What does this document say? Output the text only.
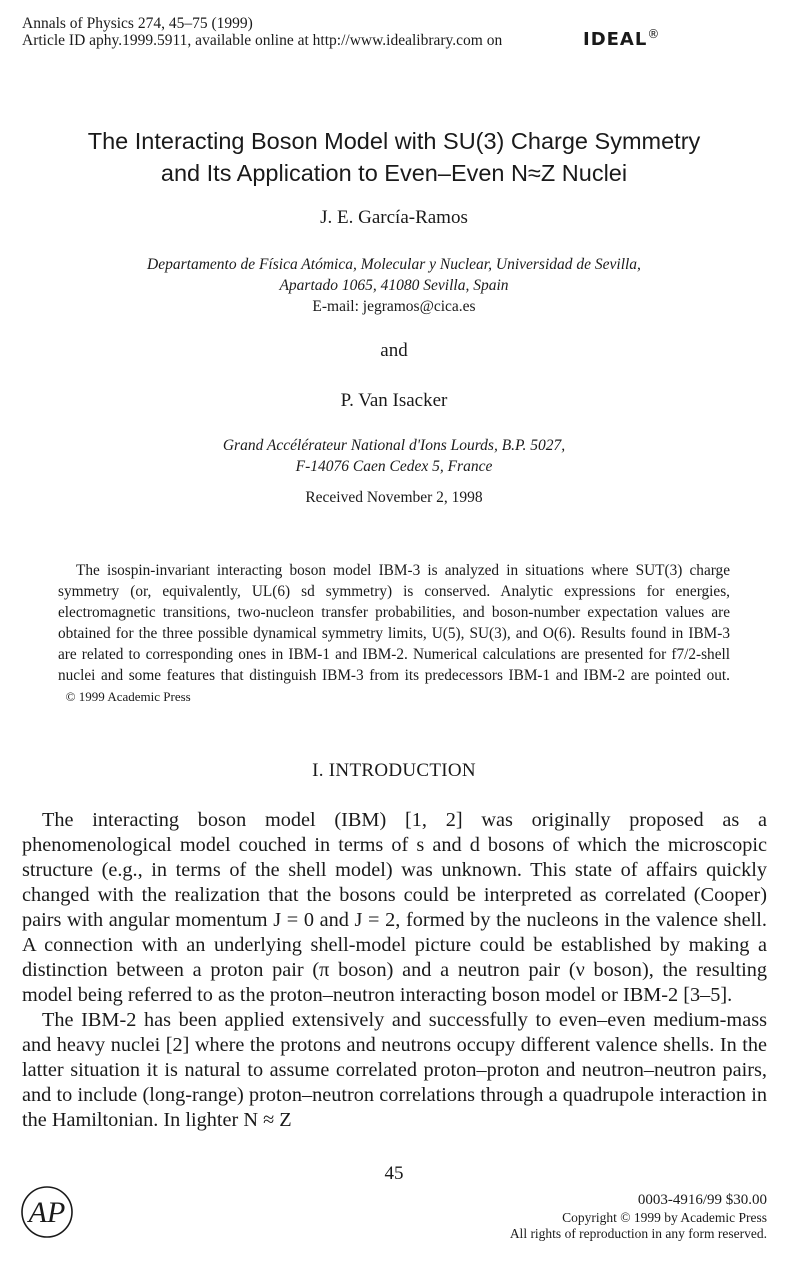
Annals of Physics 274, 45–75 (1999)
Article ID aphy.1999.5911, available online at http://www.idealibrary.com on	IDEAL®
The Interacting Boson Model with SU(3) Charge Symmetry
and Its Application to Even–Even N≈Z Nuclei
J. E. García-Ramos
Departamento de Física Atómica, Molecular y Nuclear, Universidad de Sevilla,
Apartado 1065, 41080 Sevilla, Spain
E-mail: jegramos@cica.es
and
P. Van Isacker
Grand Accélérateur National d'Ions Lourds, B.P. 5027,
F-14076 Caen Cedex 5, France
Received November 2, 1998
The isospin-invariant interacting boson model IBM-3 is analyzed in situations where SUT(3) charge symmetry (or, equivalently, UL(6) sd symmetry) is conserved. Analytic expressions for energies, electromagnetic transitions, two-nucleon transfer probabilities, and boson-number expectation values are obtained for the three possible dynamical symmetry limits, U(5), SU(3), and O(6). Results found in IBM-3 are related to corresponding ones in IBM-1 and IBM-2. Numerical calculations are presented for f7/2-shell nuclei and some features that distinguish IBM-3 from its predecessors IBM-1 and IBM-2 are pointed out.   © 1999 Academic Press
I. INTRODUCTION

The interacting boson model (IBM) [1, 2] was originally proposed as a phenomenological model couched in terms of s and d bosons of which the microscopic structure (e.g., in terms of the shell model) was unknown. This state of affairs quickly changed with the realization that the bosons could be interpreted as correlated (Cooper) pairs with angular momentum J = 0 and J = 2, formed by the nucleons in the valence shell. A connection with an underlying shell-model picture could be established by making a distinction between a proton pair (π boson) and a neutron pair (ν boson), the resulting model being referred to as the proton–neutron interacting boson model or IBM-2 [3–5].

The IBM-2 has been applied extensively and successfully to even–even medium-mass and heavy nuclei [2] where the protons and neutrons occupy different valence shells. In the latter situation it is natural to assume correlated proton–proton and neutron–neutron pairs, and to include (long-range) proton–neutron correlations through a quadrupole interaction in the Hamiltonian. In lighter N ≈ Z

45
AP	0003-4916/99 $30.00
Copyright © 1999 by Academic Press
All rights of reproduction in any form reserved.
